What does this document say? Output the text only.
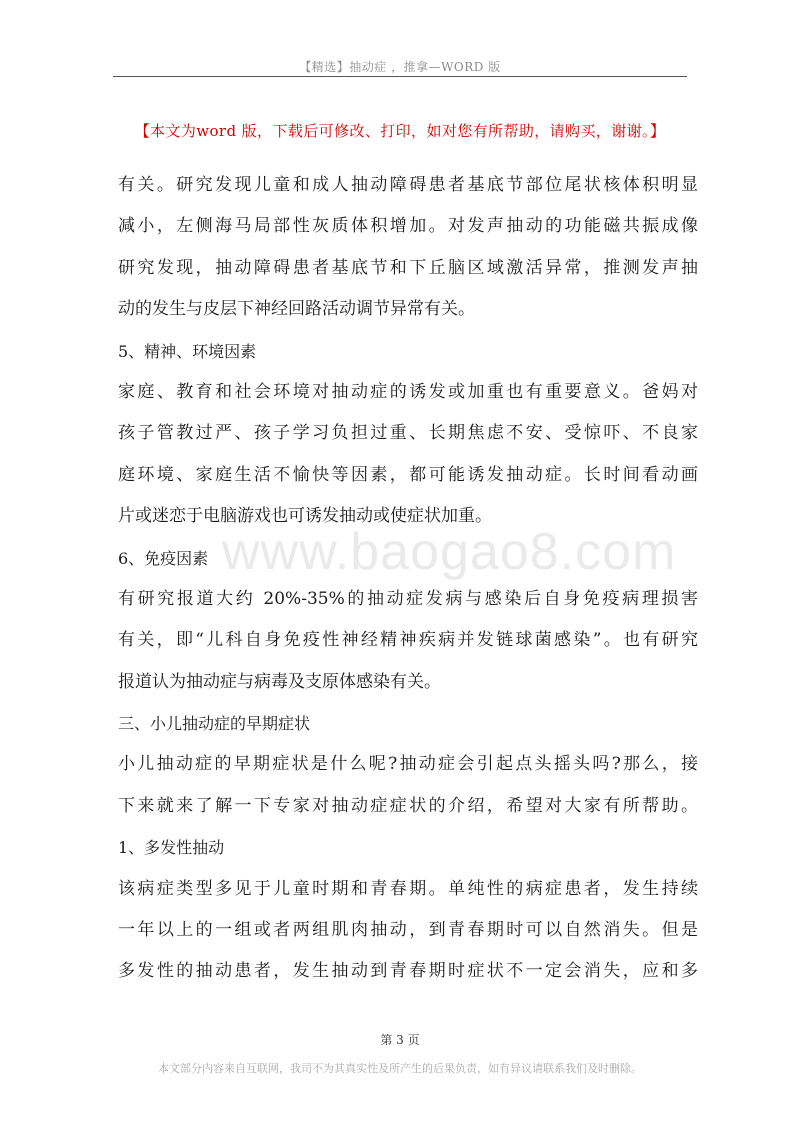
【精选】抽动症 ，推拿—WORD 版
【本文为word 版，下载后可修改、打印，如对您有所帮助，请购买，谢谢。】
有关。研究发现儿童和成人抽动障碍患者基底节部位尾状核体积明显
减小，左侧海马局部性灰质体积增加。对发声抽动的功能磁共振成像
研究发现，抽动障碍患者基底节和下丘脑区域激活异常，推测发声抽
动的发生与皮层下神经回路活动调节异常有关。
5、精神、环境因素
家庭、教育和社会环境对抽动症的诱发或加重也有重要意义。爸妈对
孩子管教过严、孩子学习负担过重、长期焦虑不安、受惊吓、不良家
庭环境、家庭生活不愉快等因素，都可能诱发抽动症。长时间看动画
片或迷恋于电脑游戏也可诱发抽动或使症状加重。
6、免疫因素
有研究报道大约 20%-35%的抽动症发病与感染后自身免疫病理损害
有关，即“儿科自身免疫性神经精神疾病并发链球菌感染”。也有研究
报道认为抽动症与病毒及支原体感染有关。
三、小儿抽动症的早期症状
小儿抽动症的早期症状是什么呢?抽动症会引起点头摇头吗?那么，接
下来就来了解一下专家对抽动症症状的介绍，希望对大家有所帮助。
1、多发性抽动
该病症类型多见于儿童时期和青春期。单纯性的病症患者，发生持续
一年以上的一组或者两组肌肉抽动，到青春期时可以自然消失。但是
多发性的抽动患者，发生抽动到青春期时症状不一定会消失，应和多
www.baogao8.com
第 3 页
本文部分内容来自互联网，我司不为其真实性及所产生的后果负责，如有异议请联系我们及时删除。
